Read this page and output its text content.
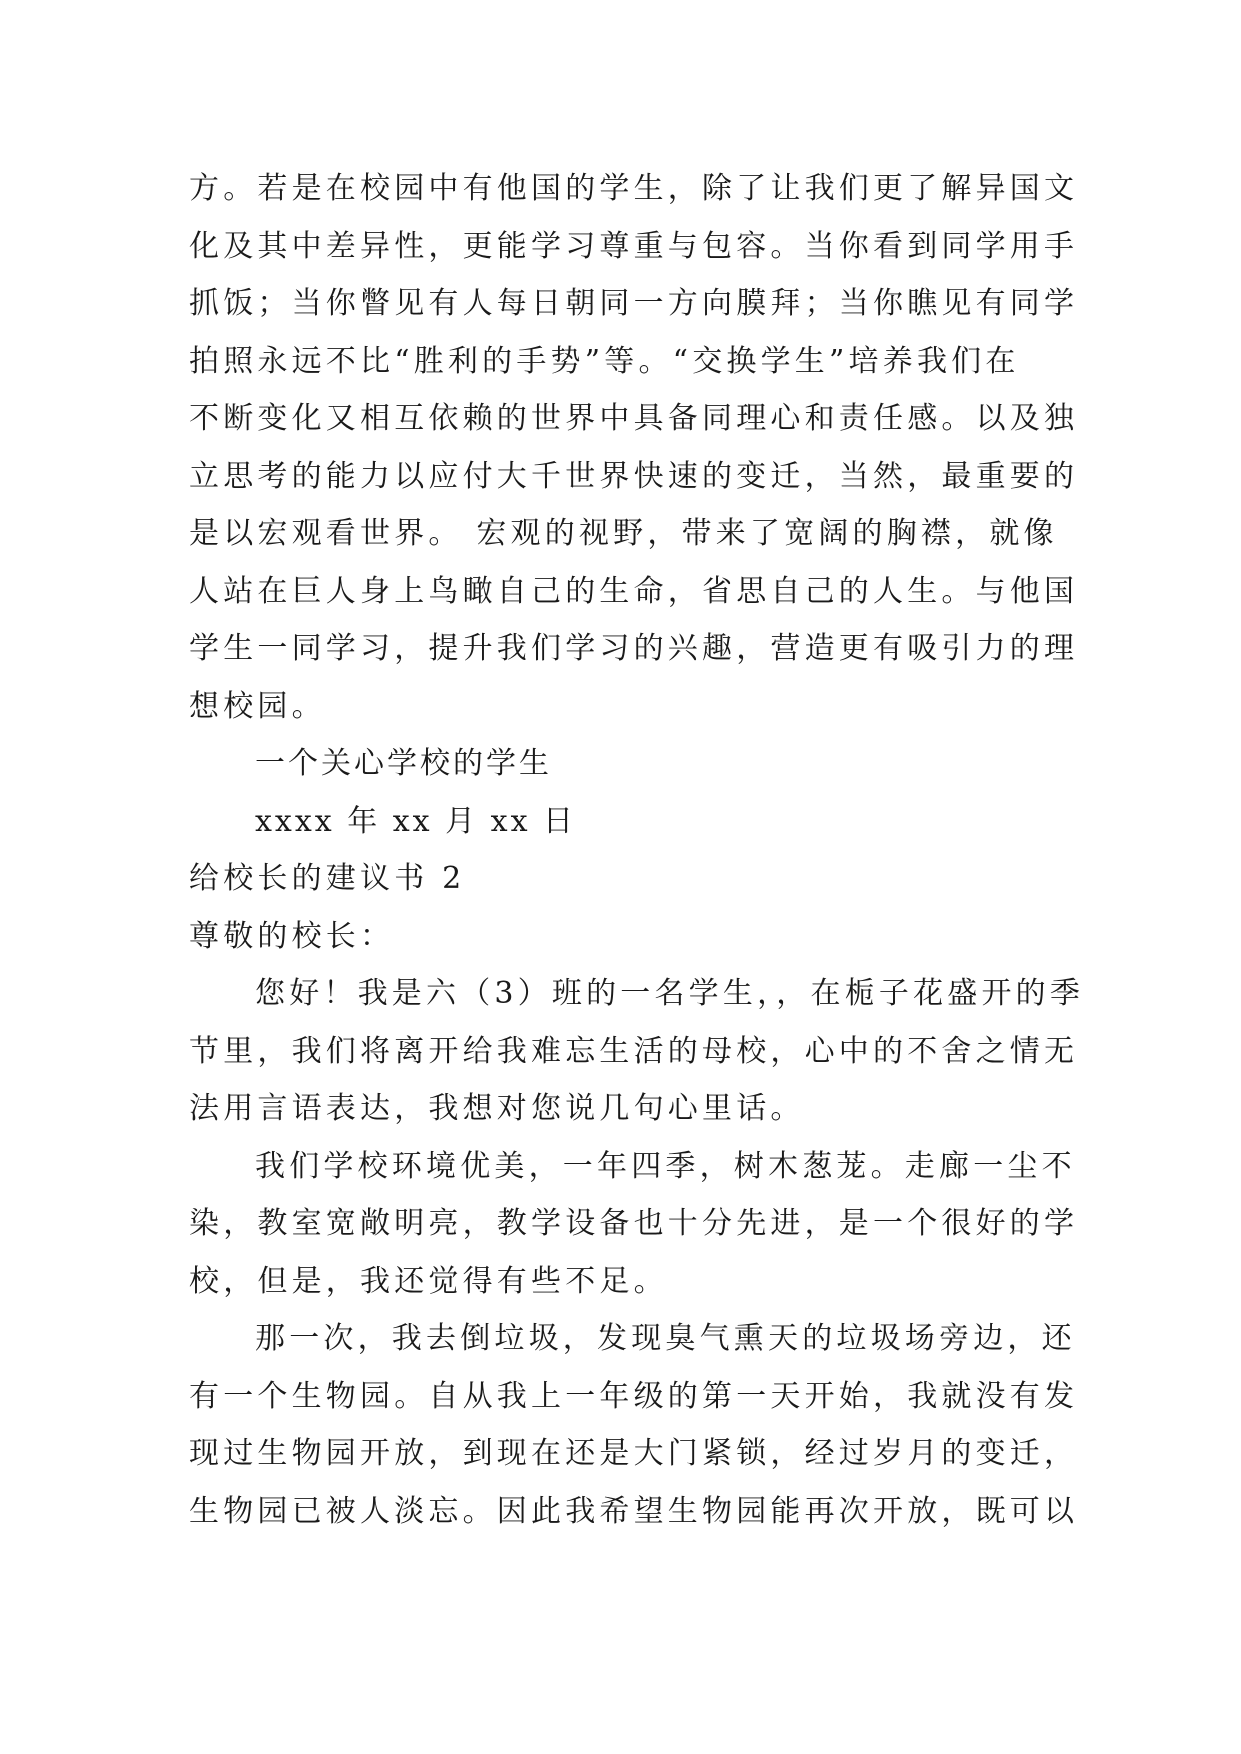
方。若是在校园中有他国的学生，除了让我们更了解异国文
化及其中差异性，更能学习尊重与包容。当你看到同学用手
抓饭；当你瞥见有人每日朝同一方向膜拜；当你瞧见有同学
拍照永远不比“胜利的手势”等。“交换学生”培养我们在
不断变化又相互依赖的世界中具备同理心和责任感。以及独
立思考的能力以应付大千世界快速的变迁，当然，最重要的
是以宏观看世界。 宏观的视野，带来了宽阔的胸襟，就像
人站在巨人身上鸟瞰自己的生命，省思自己的人生。与他国
学生一同学习，提升我们学习的兴趣，营造更有吸引力的理
想校园。
一个关心学校的学生
xxxx 年 xx 月 xx 日
给校长的建议书 2
尊敬的校长：
您好！我是六（3）班的一名学生，，在栀子花盛开的季
节里，我们将离开给我难忘生活的母校，心中的不舍之情无
法用言语表达，我想对您说几句心里话。
我们学校环境优美，一年四季，树木葱茏。走廊一尘不
染，教室宽敞明亮，教学设备也十分先进，是一个很好的学
校，但是，我还觉得有些不足。
那一次，我去倒垃圾，发现臭气熏天的垃圾场旁边，还
有一个生物园。自从我上一年级的第一天开始，我就没有发
现过生物园开放，到现在还是大门紧锁，经过岁月的变迁，
生物园已被人淡忘。因此我希望生物园能再次开放，既可以
